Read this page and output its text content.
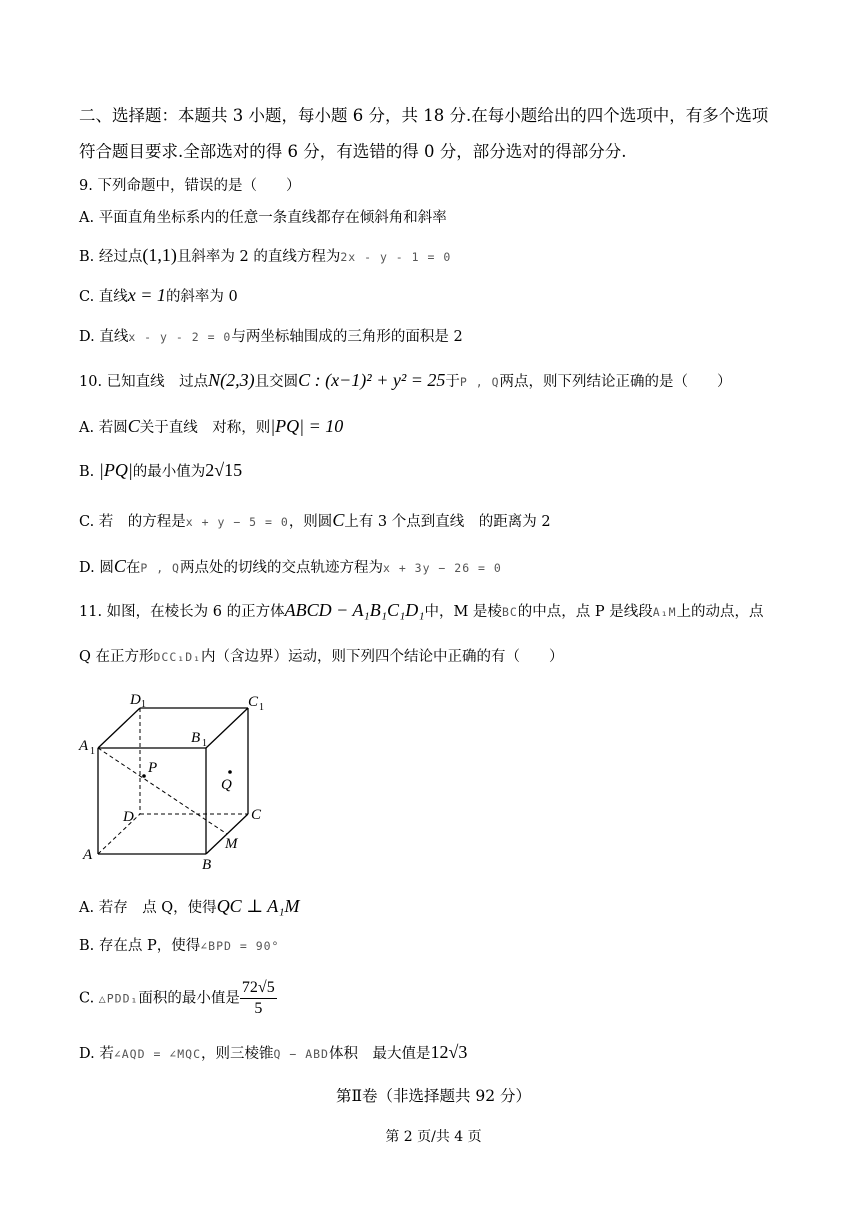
二、选择题：本题共 3 小题，每小题 6 分，共 18 分.在每小题给出的四个选项中，有多个选项
符合题目要求.全部选对的得 6 分，有选错的得 0 分，部分选对的得部分分.
9. 下列命题中，错误的是（　　）
A. 平面直角坐标系内的任意一条直线都存在倾斜角和斜率
B. 经过点(1,1)且斜率为 2 的直线方程为2x - y - 1 = 0
C. 直线x = 1的斜率为 0
D. 直线x - y - 2 = 0与两坐标轴围成的三角形的面积是 2
10. 已知直线　过点N(2,3)且交圆C : (x−1)² + y² = 25于P , Q两点，则下列结论正确的是（　　）
A. 若圆C关于直线　对称，则|PQ| = 10
B. |PQ|的最小值为2√15
C. 若　的方程是x + y − 5 = 0，则圆C上有 3 个点到直线　的距离为 2
D. 圆C在P , Q两点处的切线的交点轨迹方程为x + 3y − 26 = 0
11. 如图，在棱长为 6 的正方体ABCD − A₁B₁C₁D₁中，M 是棱BC的中点，点 P 是线段A₁M上的动点，点
Q 在正方形DCC₁D₁内（含边界）运动，则下列四个结论中正确的有（　　）
D 1	C 1
A 1
B 1
P
Q
D	C
M
A
B
A. 若存　点 Q，使得QC ⊥ A₁M
B. 存在点 P，使得∠BPD = 90°
C. △PDD₁面积的最小值是 $\frac{72√5}{5}$
D. 若∠AQD = ∠MQC，则三棱锥Q − ABD体积　最大值是12√3
第Ⅱ卷（非选择题共 92 分）
第 2 页/共 4 页
